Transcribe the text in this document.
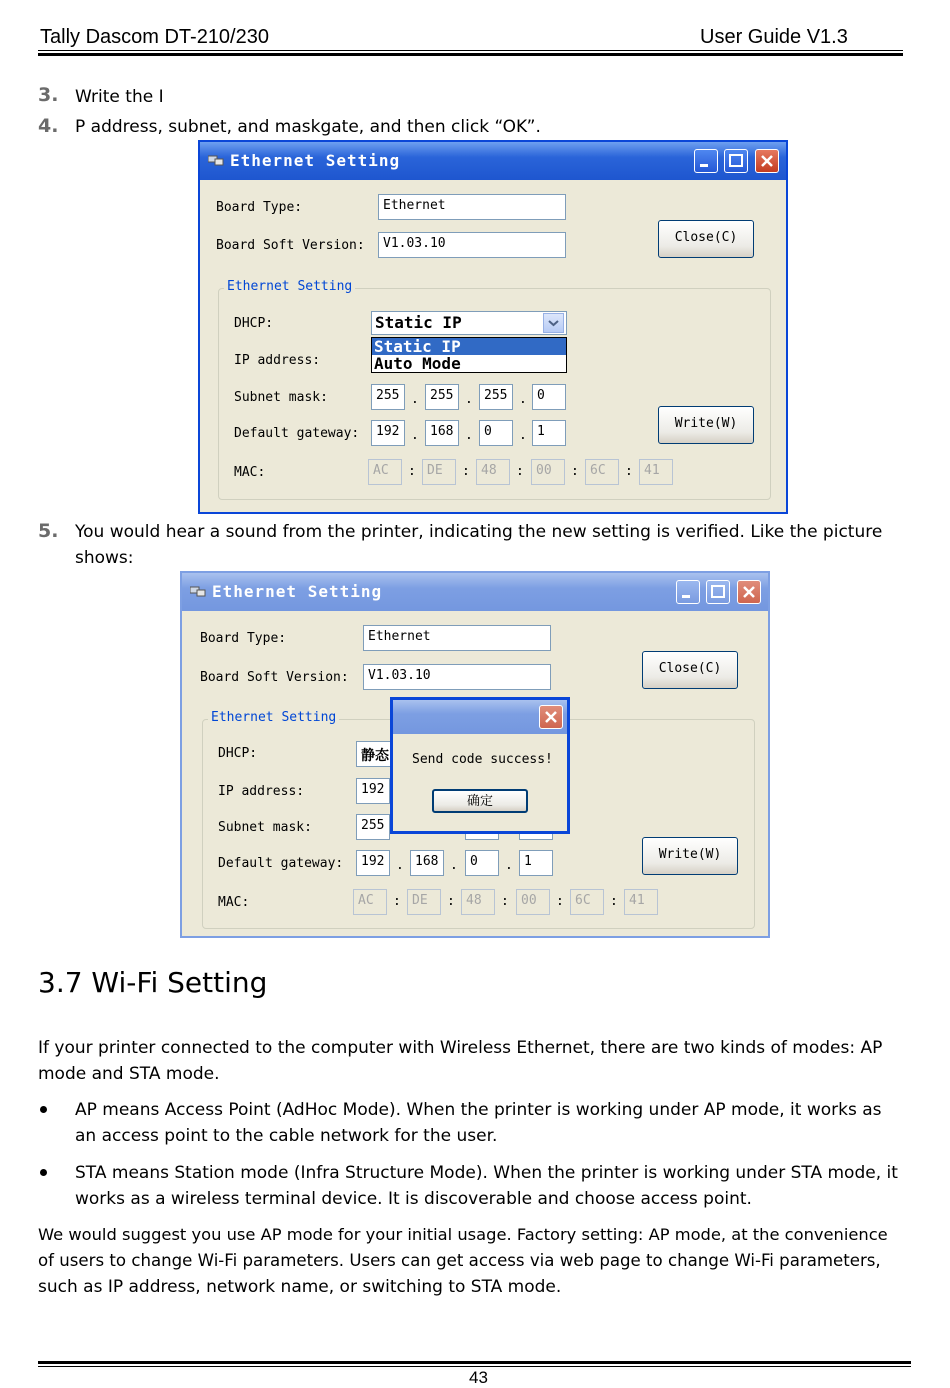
Tally Dascom DT-210/230	User Guide V1.3
3. Write the I
4. P address, subnet, and maskgate, and then click “OK”.
Ethernet Setting
Board Type:	Ethernet
Board Soft Version:	V1.03.10	Close(C)
Ethernet Setting
DHCP:	Static IP
Static IP
Auto Mode
IP address:
Subnet mask:	255 . 255 . 255 . 0
Default gateway:	192 . 168 . 0	. 1
Write(W)
MAC:	AC	: DE	: 48	: 00	: 6C	: 41
5. You would hear a sound from the printer, indicating the new setting is verified. Like the picture
shows:
Ethernet Setting
Board Type:	Ethernet
Board Soft Version:	V1.03.10	Close(C)
Ethernet Setting
DHCP:	静态
IP address:	192
Subnet mask:	255
Default gateway:	192 . 168 . 0	. 1	Write(W)
MAC:	AC	: DE	: 48	: 00	: 6C	: 41
Send code success!
确定
3.7 Wi-Fi Setting
If your printer connected to the computer with Wireless Ethernet, there are two kinds of modes: AP
mode and STA mode.
AP means Access Point (AdHoc Mode). When the printer is working under AP mode, it works as
an access point to the cable network for the user.
STA means Station mode (Infra Structure Mode). When the printer is working under STA mode, it
works as a wireless terminal device. It is discoverable and choose access point.
We would suggest you use AP mode for your initial usage. Factory setting: AP mode, at the convenience
of users to change Wi-Fi parameters. Users can get access via web page to change Wi-Fi parameters,
such as IP address, network name, or switching to STA mode.
43
